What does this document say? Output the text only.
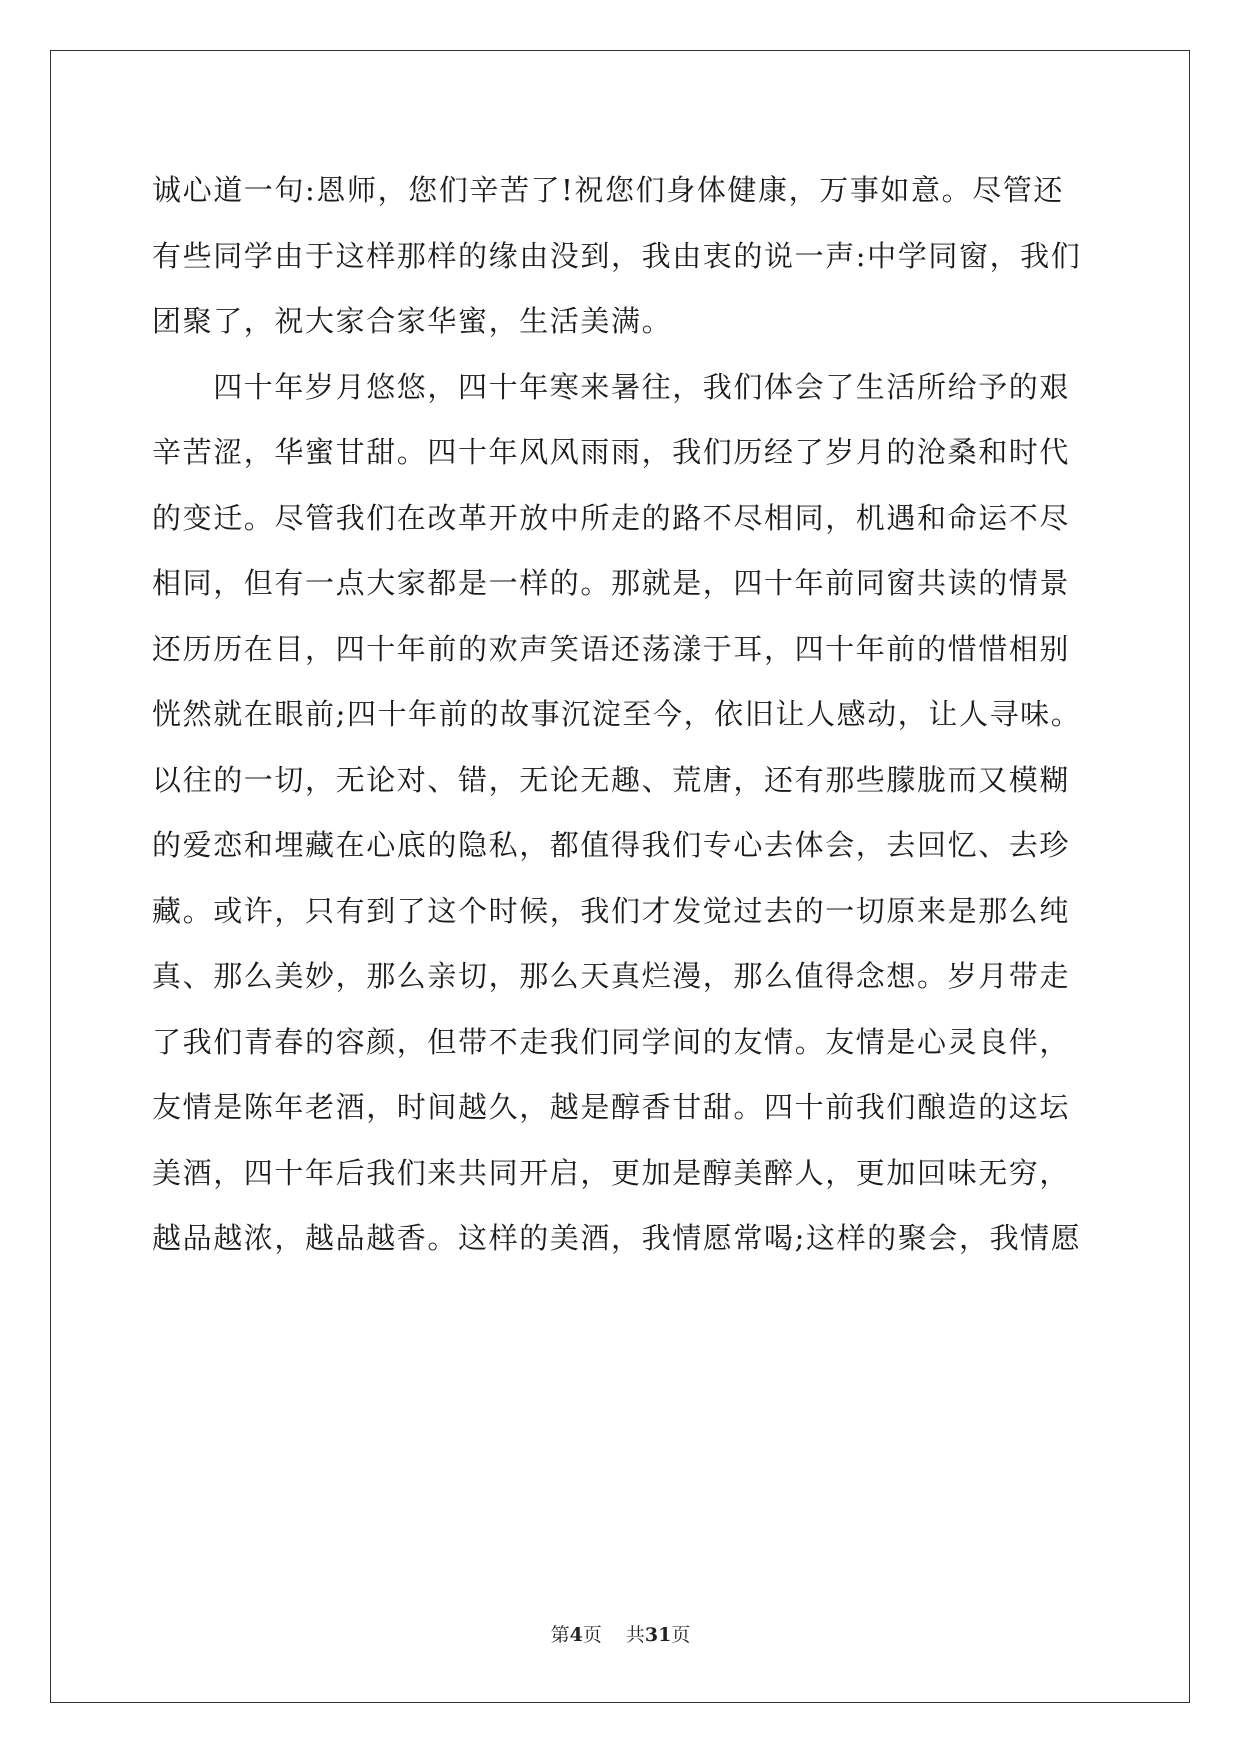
诚心道一句:恩师，您们辛苦了!祝您们身体健康，万事如意。尽管还
有些同学由于这样那样的缘由没到，我由衷的说一声:中学同窗，我们
团聚了，祝大家合家华蜜，生活美满。
　　四十年岁月悠悠，四十年寒来暑往，我们体会了生活所给予的艰
辛苦涩，华蜜甘甜。四十年风风雨雨，我们历经了岁月的沧桑和时代
的变迁。尽管我们在改革开放中所走的路不尽相同，机遇和命运不尽
相同，但有一点大家都是一样的。那就是，四十年前同窗共读的情景
还历历在目，四十年前的欢声笑语还荡漾于耳，四十年前的惜惜相别
恍然就在眼前;四十年前的故事沉淀至今，依旧让人感动，让人寻味。
以往的一切，无论对、错，无论无趣、荒唐，还有那些朦胧而又模糊
的爱恋和埋藏在心底的隐私，都值得我们专心去体会，去回忆、去珍
藏。或许，只有到了这个时候，我们才发觉过去的一切原来是那么纯
真、那么美妙，那么亲切，那么天真烂漫，那么值得念想。岁月带走
了我们青春的容颜，但带不走我们同学间的友情。友情是心灵良伴，
友情是陈年老酒，时间越久，越是醇香甘甜。四十前我们酿造的这坛
美酒，四十年后我们来共同开启，更加是醇美醉人，更加回味无穷，
越品越浓，越品越香。这样的美酒，我情愿常喝;这样的聚会，我情愿
第4页 共31页
